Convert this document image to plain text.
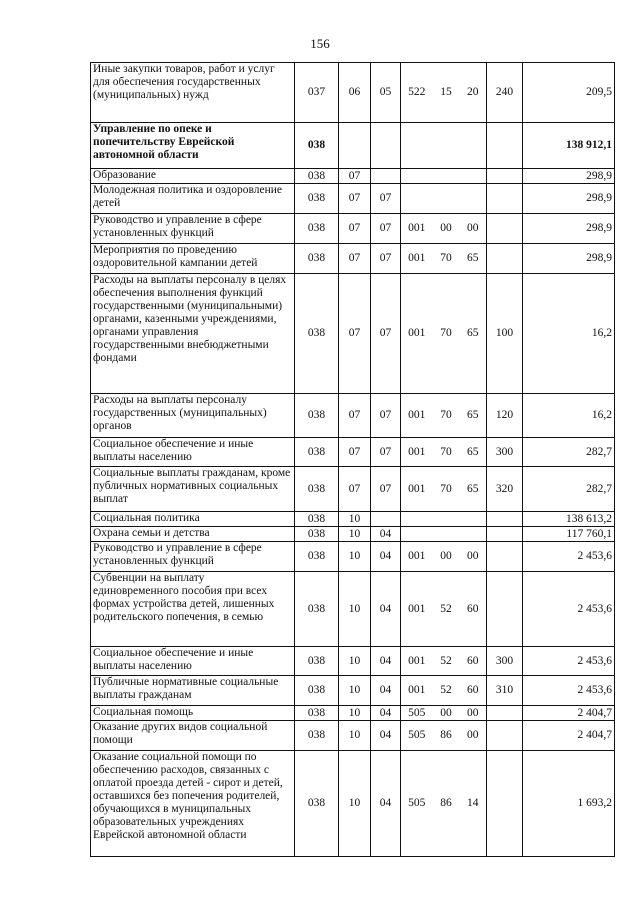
156
Иные закупки товаров, работ и услуг для обеспечения государственных (муниципальных) нужд	037	06	05	522	15	20	240	209,5
Управление по опеке и попечительству Еврейской автономной области	038							138 912,1
Образование	038	07						298,9
Молодежная политика и оздоровление детей	038	07	07					298,9
Руководство и управление в сфере установленных функций	038	07	07	001	00	00		298,9
Мероприятия по проведению оздоровительной кампании детей	038	07	07	001	70	65		298,9
Расходы на выплаты персоналу в целях обеспечения выполнения функций государственными (муниципальными) органами, казенными учреждениями, органами управления государственными внебюджетными фондами	038	07	07	001	70	65	100	16,2
Расходы на выплаты персоналу государственных (муниципальных) органов	038	07	07	001	70	65	120	16,2
Социальное обеспечение и иные выплаты населению	038	07	07	001	70	65	300	282,7
Социальные выплаты гражданам, кроме публичных нормативных социальных выплат	038	07	07	001	70	65	320	282,7
Социальная политика	038	10						138 613,2
Охрана семьи и детства	038	10	04					117 760,1
Руководство и управление в сфере установленных функций	038	10	04	001	00	00		2 453,6
Субвенции на выплату единовременного пособия при всех формах устройства детей, лишенных родительского попечения, в семью	038	10	04	001	52	60		2 453,6
Социальное обеспечение и иные выплаты населению	038	10	04	001	52	60	300	2 453,6
Публичные нормативные социальные выплаты гражданам	038	10	04	001	52	60	310	2 453,6
Социальная помощь	038	10	04	505	00	00		2 404,7
Оказание других видов социальной помощи	038	10	04	505	86	00		2 404,7
Оказание социальной помощи по обеспечению расходов, связанных с оплатой проезда детей - сирот и детей, оставшихся без попечения родителей, обучающихся в муниципальных образовательных учреждениях Еврейской автономной области	038	10	04	505	86	14		1 693,2
